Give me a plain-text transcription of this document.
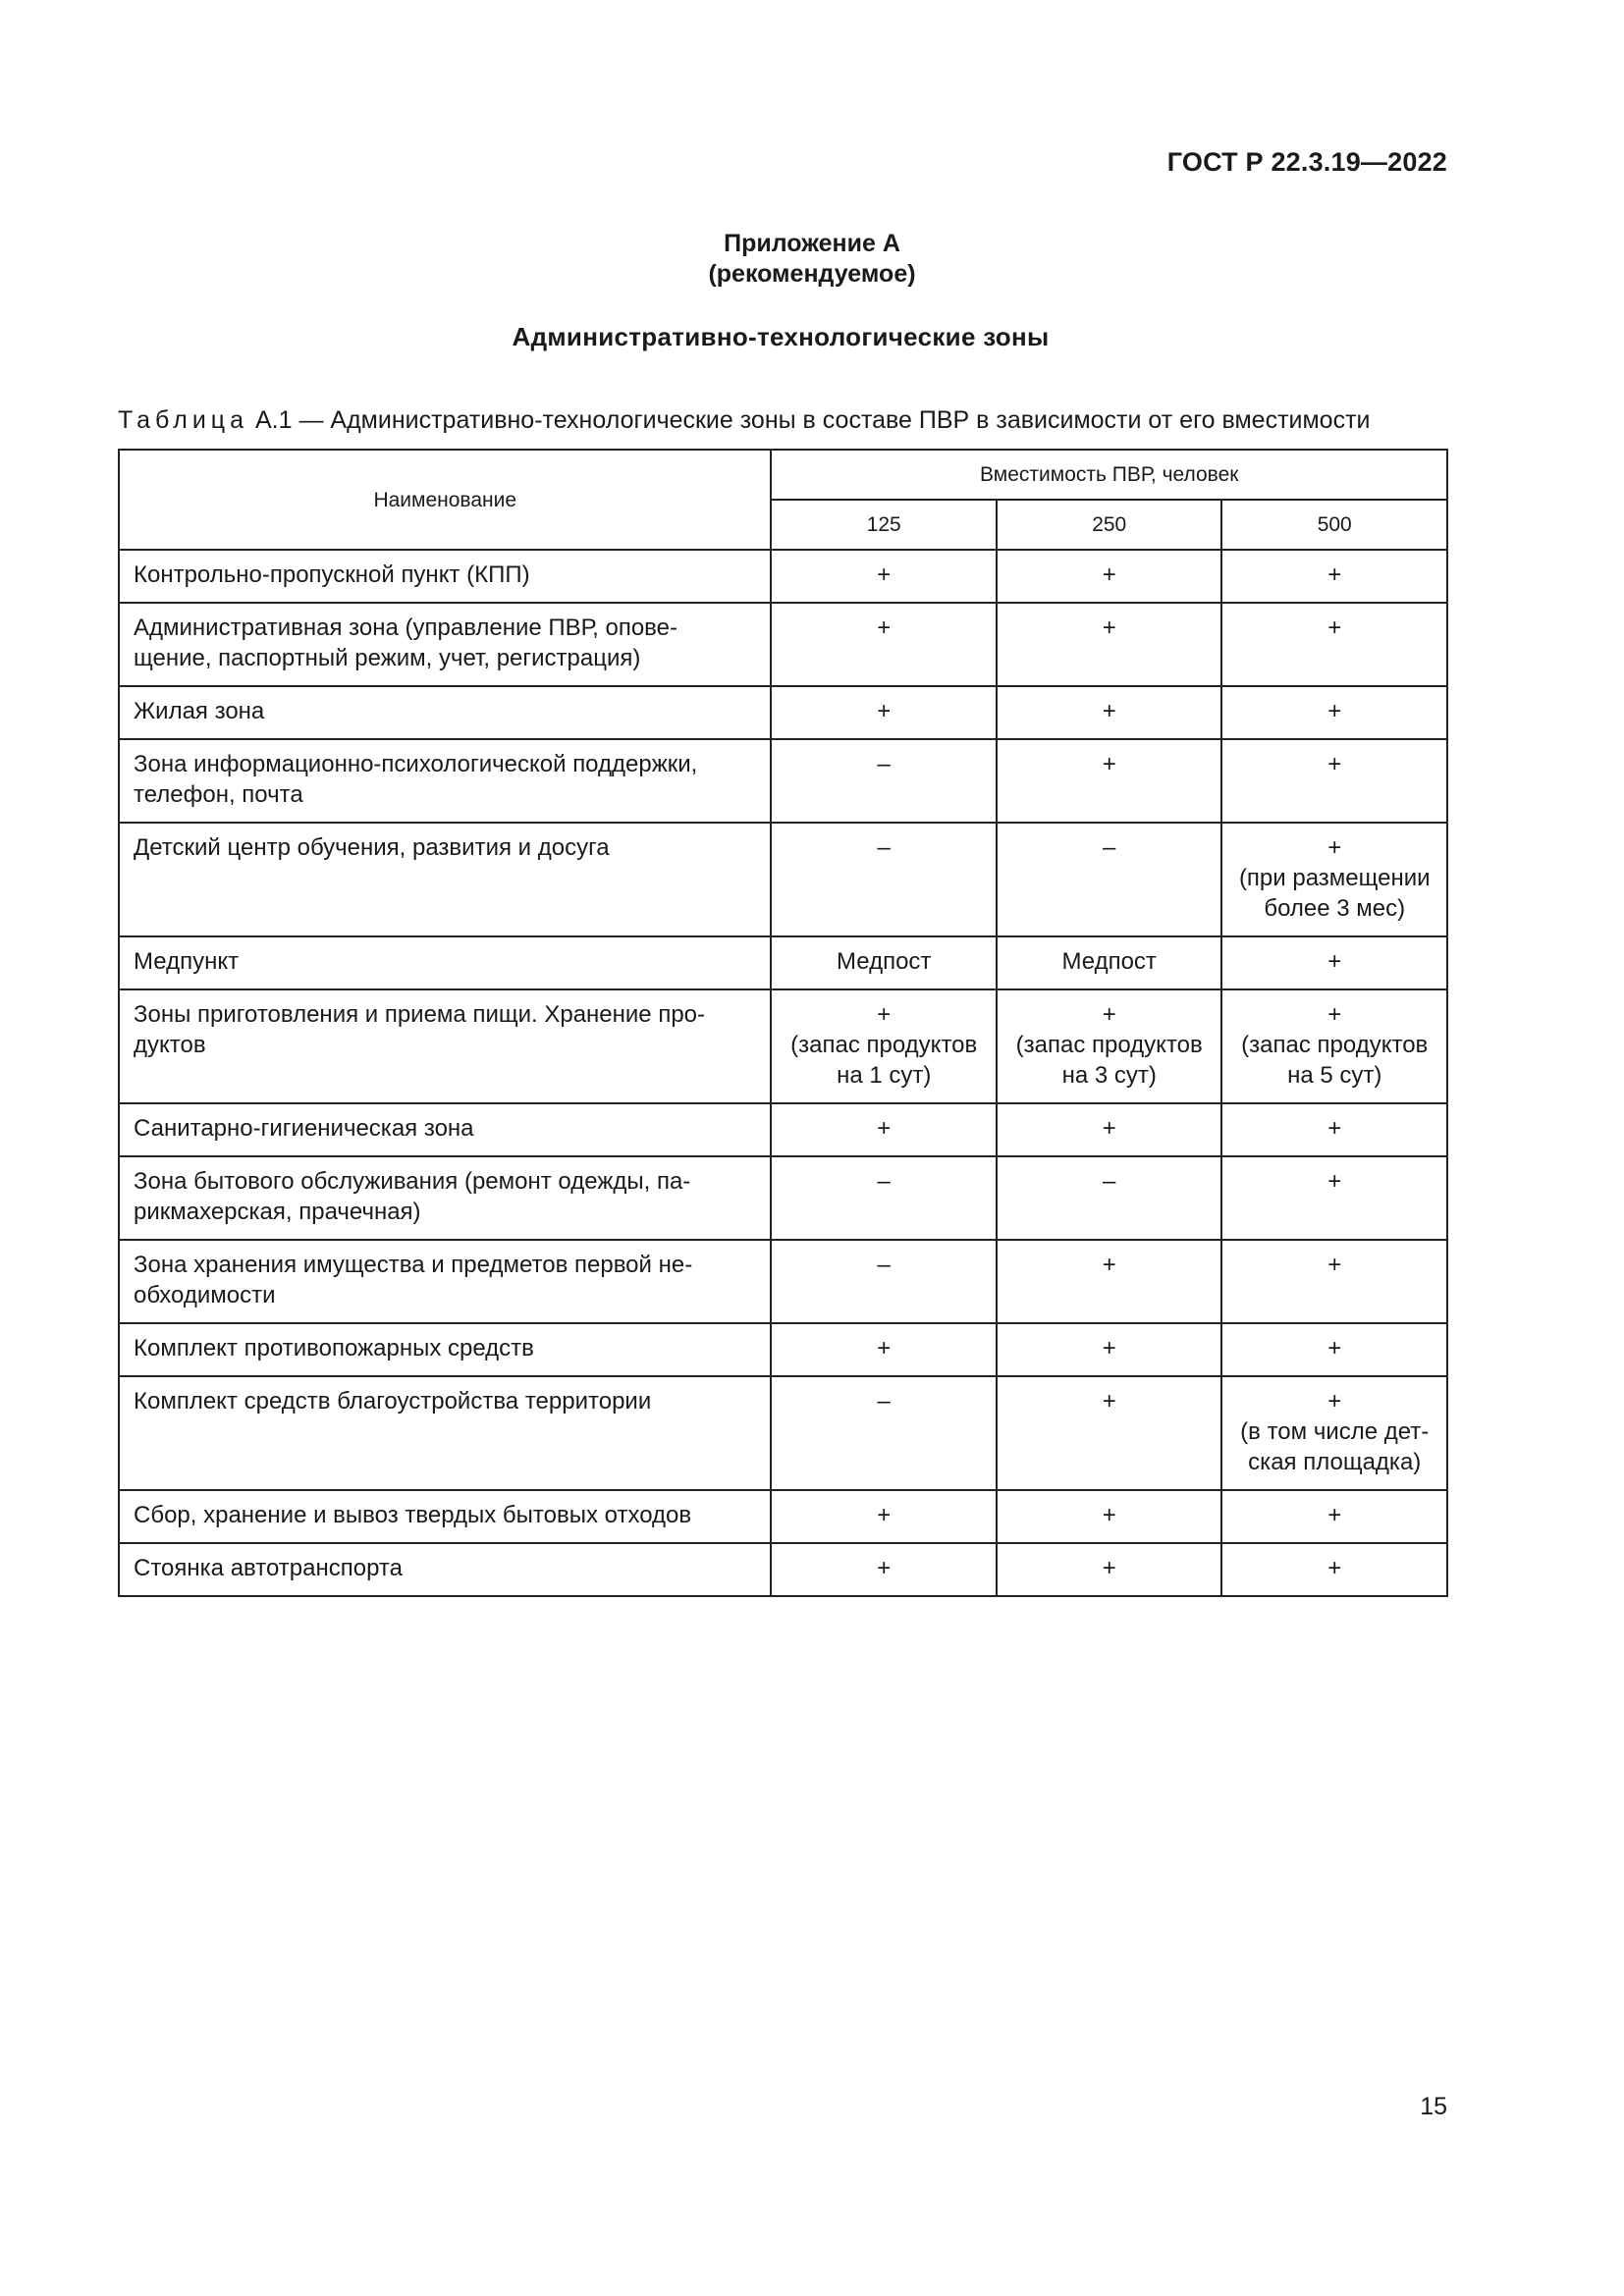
ГОСТ Р 22.3.19—2022
Приложение А
(рекомендуемое)
Административно-технологические зоны
Таблица А.1 — Административно-технологические зоны в составе ПВР в зависимости от его вместимости
Наименование	Вместимость ПВР, человек		
	125	250	500
Контрольно-пропускной пункт (КПП)	+	+	+
Административная зона (управление ПВР, опове-
щение, паспортный режим, учет, регистрация)	+	+	+
Жилая зона	+	+	+
Зона информационно-психологической поддержки,
телефон, почта	–	+	+
Детский центр обучения, развития и досуга	–	–	+
(при размещении
более 3 мес)
Медпункт	Медпост	Медпост	+
Зоны приготовления и приема пищи. Хранение про-
дуктов	+
(запас продуктов
на 1 сут)	+
(запас продуктов
на 3 сут)	+
(запас продуктов
на 5 сут)
Санитарно-гигиеническая зона	+	+	+
Зона бытового обслуживания (ремонт одежды, па-
рикмахерская, прачечная)	–	–	+
Зона хранения имущества и предметов первой не-
обходимости	–	+	+
Комплект противопожарных средств	+	+	+
Комплект средств благоустройства территории	–	+	+
(в том числе дет-
ская площадка)
Сбор, хранение и вывоз твердых бытовых отходов	+	+	+
Стоянка автотранспорта	+	+	+
15
